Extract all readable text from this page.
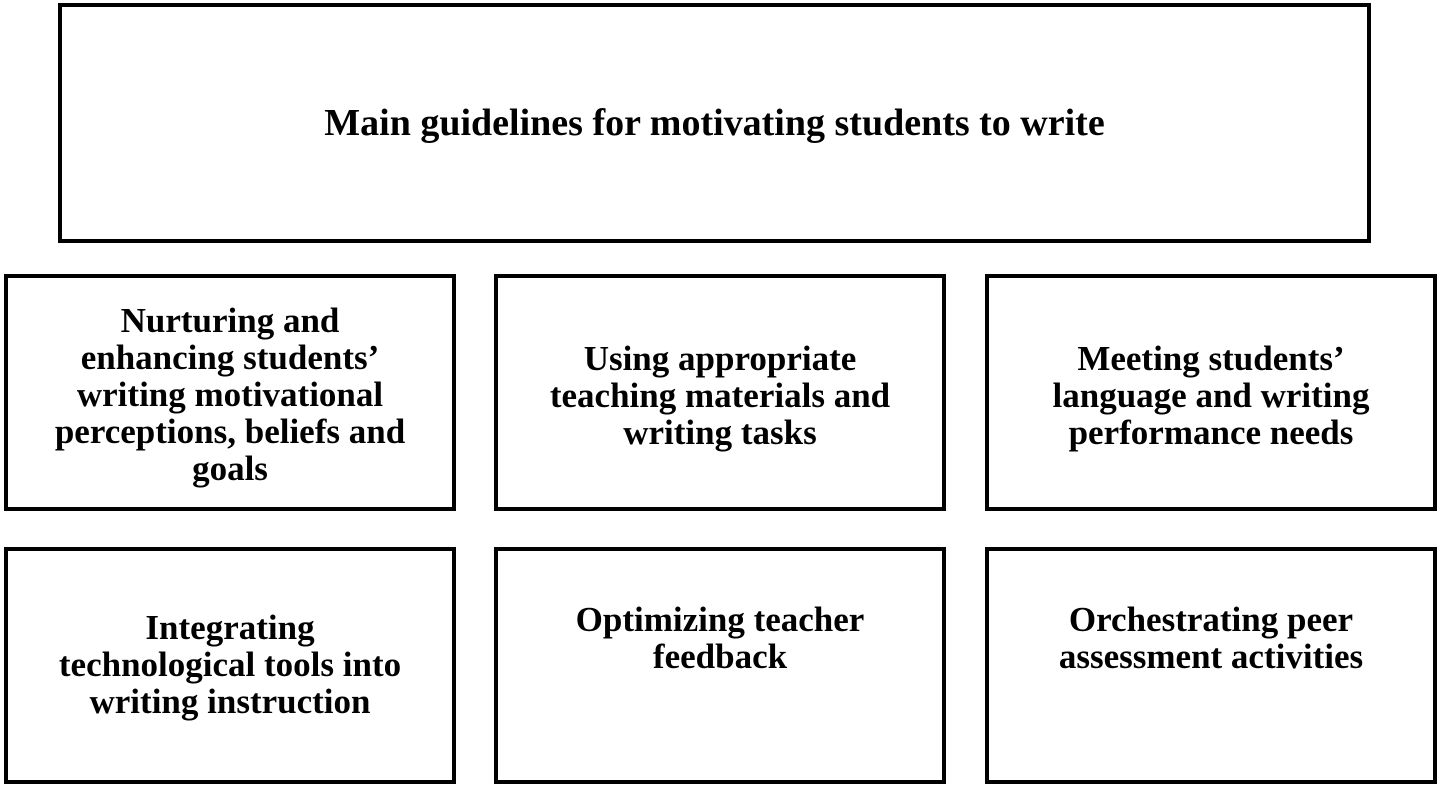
Main guidelines for motivating students to write
Nurturing and
enhancing students’
writing motivational
perceptions, beliefs and
goals
Using appropriate
teaching materials and
writing tasks
Meeting students’
language and writing
performance needs
Integrating
technological tools into
writing instruction
Optimizing teacher
feedback
Orchestrating peer
assessment activities
